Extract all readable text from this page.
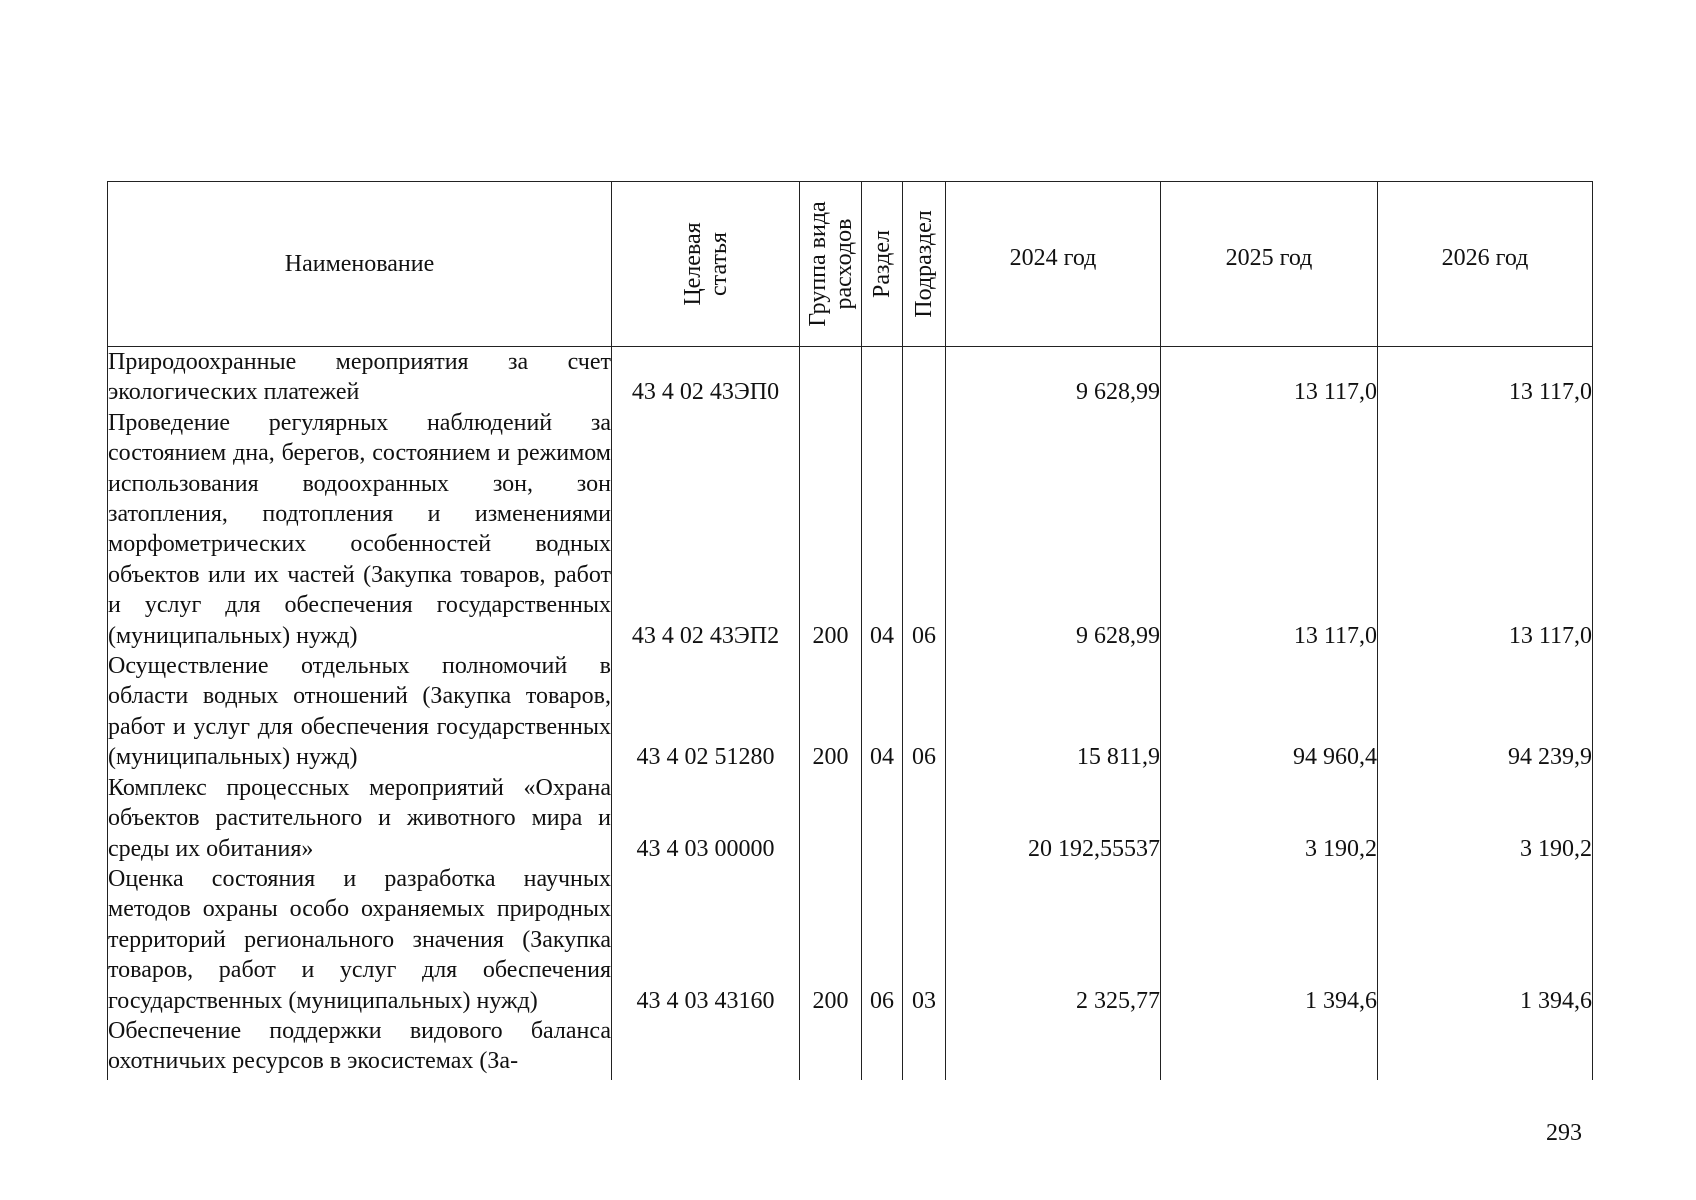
Наименование	Целевая статья	Группа вида расходов	Раздел	Подраздел	2024 год	2025 год	2026 год
Природоохранные мероприятия за счет экологических платежей	43 4 02 43ЭП0				9 628,99	13 117,0	13 117,0
Проведение регулярных наблюдений за состоянием дна, берегов, состоянием и режимом использования водоохранных зон, зон затопления, подтопления и изменениями морфометрических особенностей водных объектов или их частей (Закупка товаров, работ и услуг для обеспечения государственных (муниципальных) нужд)	43 4 02 43ЭП2	200	04	06	9 628,99	13 117,0	13 117,0
Осуществление отдельных полномочий в области водных отношений (Закупка товаров, работ и услуг для обеспечения государственных (муниципальных) нужд)	43 4 02 51280	200	04	06	15 811,9	94 960,4	94 239,9
Комплекс процессных мероприятий «Охрана объектов растительного и животного мира и среды их обитания»	43 4 03 00000				20 192,55537	3 190,2	3 190,2
Оценка состояния и разработка научных методов охраны особо охраняемых природных территорий регионального значения (Закупка товаров, работ и услуг для обеспечения государственных (муниципальных) нужд)	43 4 03 43160	200	06	03	2 325,77	1 394,6	1 394,6
Обеспечение поддержки видового баланса охотничьих ресурсов в экосистемах (За-							
293
